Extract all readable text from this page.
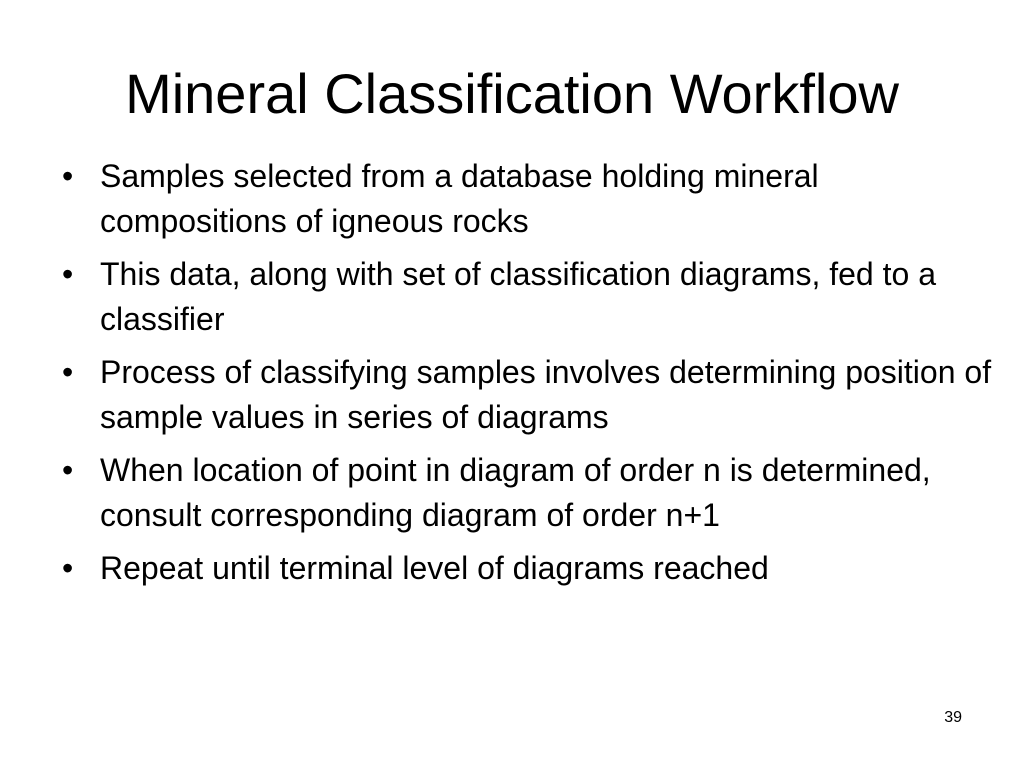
Mineral Classification Workflow
• Samples selected from a database holding mineral compositions of igneous rocks
• This data, along with set of classification diagrams, fed to a classifier
• Process of classifying samples involves determining position of sample values in series of diagrams
• When location of point in diagram of order n is determined, consult corresponding diagram of order n+1
• Repeat until terminal level of diagrams reached
39
